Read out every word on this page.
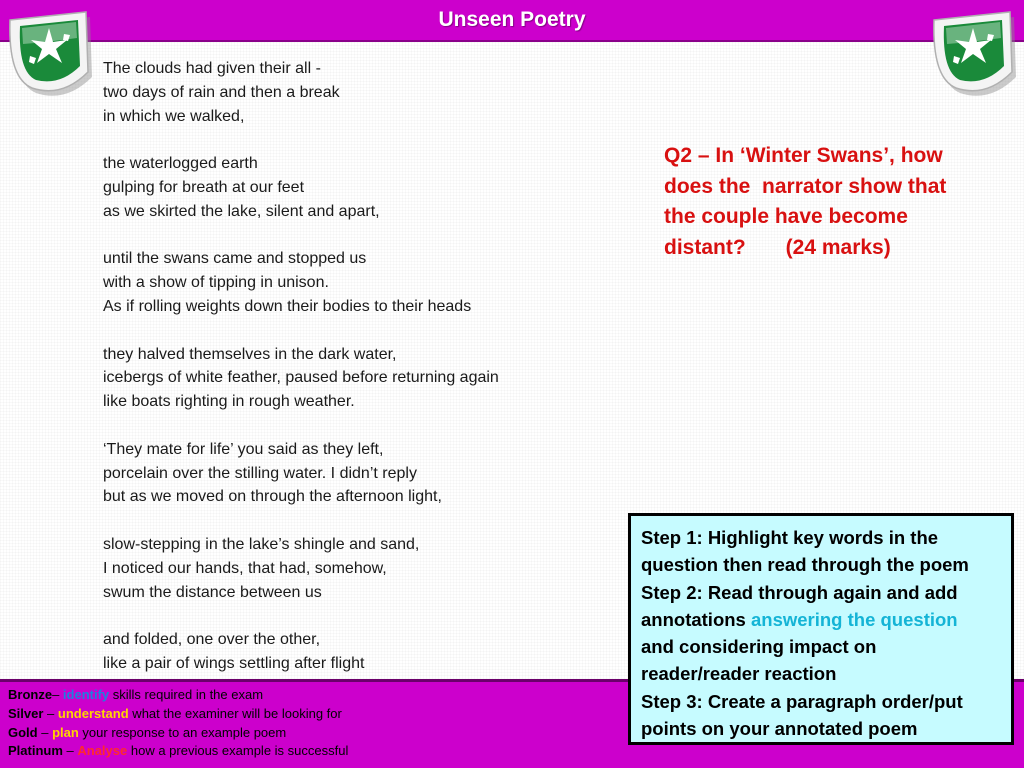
Unseen Poetry
The clouds had given their all -
two days of rain and then a break
in which we walked,
the waterlogged earth
gulping for breath at our feet
as we skirted the lake, silent and apart,
until the swans came and stopped us
with a show of tipping in unison.
As if rolling weights down their bodies to their heads
they halved themselves in the dark water,
icebergs of white feather, paused before returning again
like boats righting in rough weather.
‘They mate for life’ you said as they left,
porcelain over the stilling water. I didn’t reply
but as we moved on through the afternoon light,
slow-stepping in the lake’s shingle and sand,
I noticed our hands, that had, somehow,
swum the distance between us
and folded, one over the other,
like a pair of wings settling after flight
Q2 – In ‘Winter Swans’, how
does the  narrator show that
the couple have become
distant? (24 marks)
Bronze– identify skills required in the exam
Silver – understand what the examiner will be looking for
Gold – plan your response to an example poem
Platinum – Analyse how a previous example is successful
Step 1: Highlight key words in the
question then read through the poem
Step 2: Read through again and add
annotations answering the question
and considering impact on
reader/reader reaction
Step 3: Create a paragraph order/put
points on your annotated poem
